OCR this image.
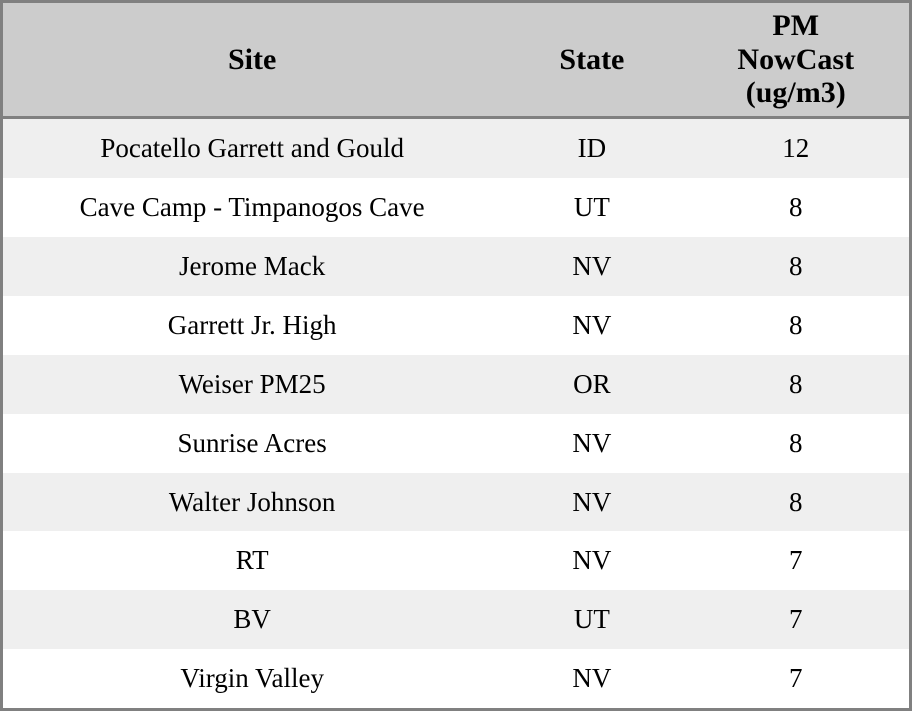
Site	State	PM
NowCast
(ug/m3)
Pocatello Garrett and Gould	ID	12
Cave Camp - Timpanogos Cave	UT	8
Jerome Mack	NV	8
Garrett Jr. High	NV	8
Weiser PM25	OR	8
Sunrise Acres	NV	8
Walter Johnson	NV	8
RT	NV	7
BV	UT	7
Virgin Valley	NV	7
